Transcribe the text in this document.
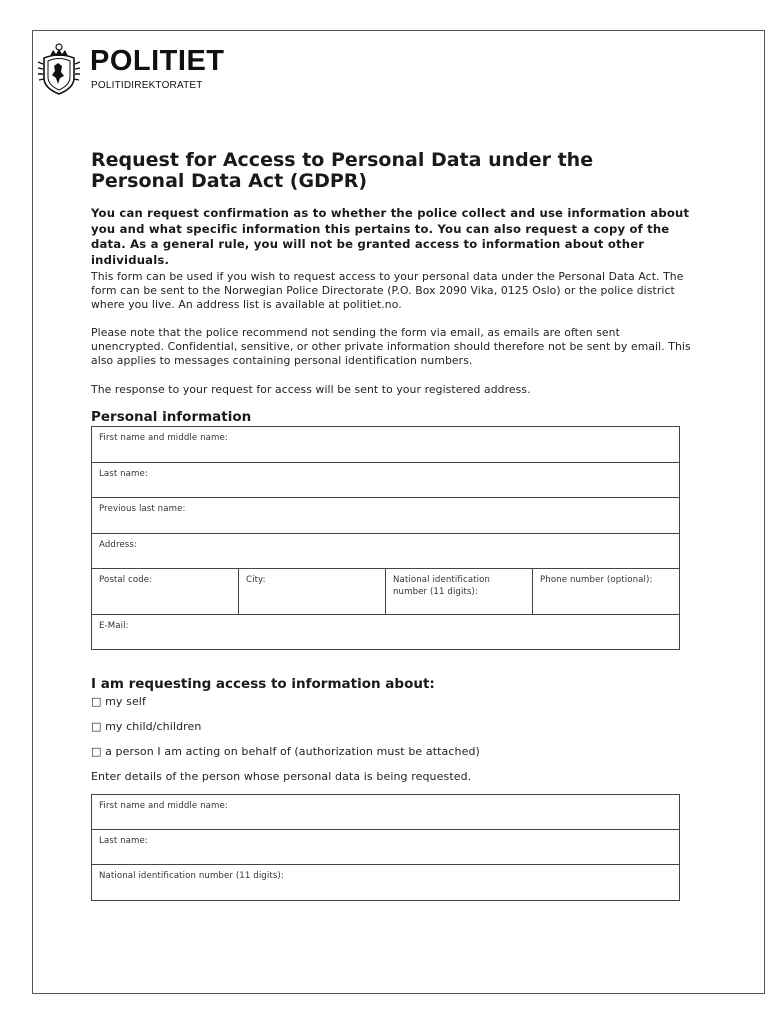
POLITIET
POLITIDIREKTORATET
Request for Access to Personal Data under the Personal Data Act (GDPR)

You can request confirmation as to whether the police collect and use information about you and what specific information this pertains to. You can also request a copy of the data. As a general rule, you will not be granted access to information about other individuals.

This form can be used if you wish to request access to your personal data under the Personal Data Act. The form can be sent to the Norwegian Police Directorate (P.O. Box 2090 Vika, 0125 Oslo) or the police district where you live. An address list is available at politiet.no.

Please note that the police recommend not sending the form via email, as emails are often sent unencrypted. Confidential, sensitive, or other private information should therefore not be sent by email. This also applies to messages containing personal identification numbers.

The response to your request for access will be sent to your registered address.

Personal information
First name and middle name:
Last name:
Previous last name:
Address:
Postal code:	City:	National identification number (11 digits):	Phone number (optional):
E-Mail:
I am requesting access to information about:

□ my self

□ my child/children

□ a person I am acting on behalf of (authorization must be attached)

Enter details of the person whose personal data is being requested.

First name and middle name:
Last name:
National identification number (11 digits):
